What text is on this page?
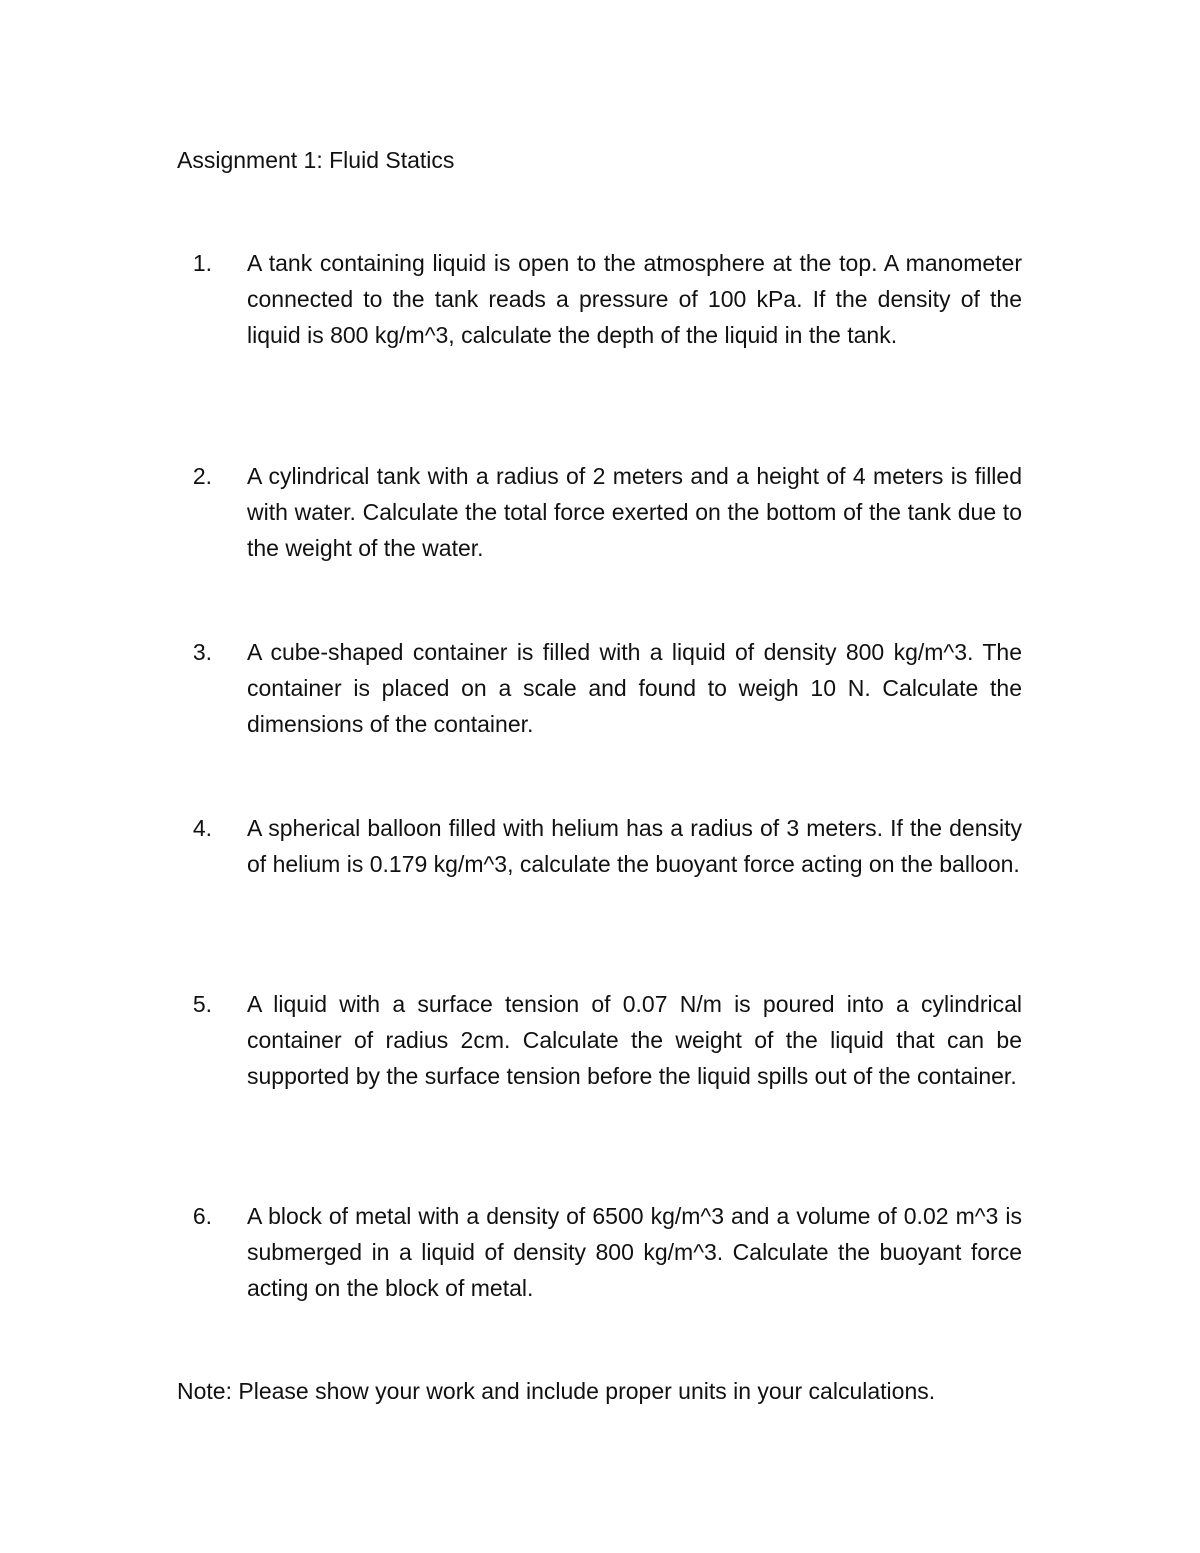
Assignment 1: Fluid Statics
1. A tank containing liquid is open to the atmosphere at the top. A manometer connected to the tank reads a pressure of 100 kPa. If the density of the liquid is 800 kg/m^3, calculate the depth of the liquid in the tank.
2. A cylindrical tank with a radius of 2 meters and a height of 4 meters is filled with water. Calculate the total force exerted on the bottom of the tank due to the weight of the water.
3. A cube-shaped container is filled with a liquid of density 800 kg/m^3. The container is placed on a scale and found to weigh 10 N. Calculate the dimensions of the container.
4. A spherical balloon filled with helium has a radius of 3 meters. If the density of helium is 0.179 kg/m^3, calculate the buoyant force acting on the balloon.
5. A liquid with a surface tension of 0.07 N/m is poured into a cylindrical container of radius 2cm. Calculate the weight of the liquid that can be supported by the surface tension before the liquid spills out of the container.
6. A block of metal with a density of 6500 kg/m^3 and a volume of 0.02 m^3 is submerged in a liquid of density 800 kg/m^3. Calculate the buoyant force acting on the block of metal.
Note: Please show your work and include proper units in your calculations.
